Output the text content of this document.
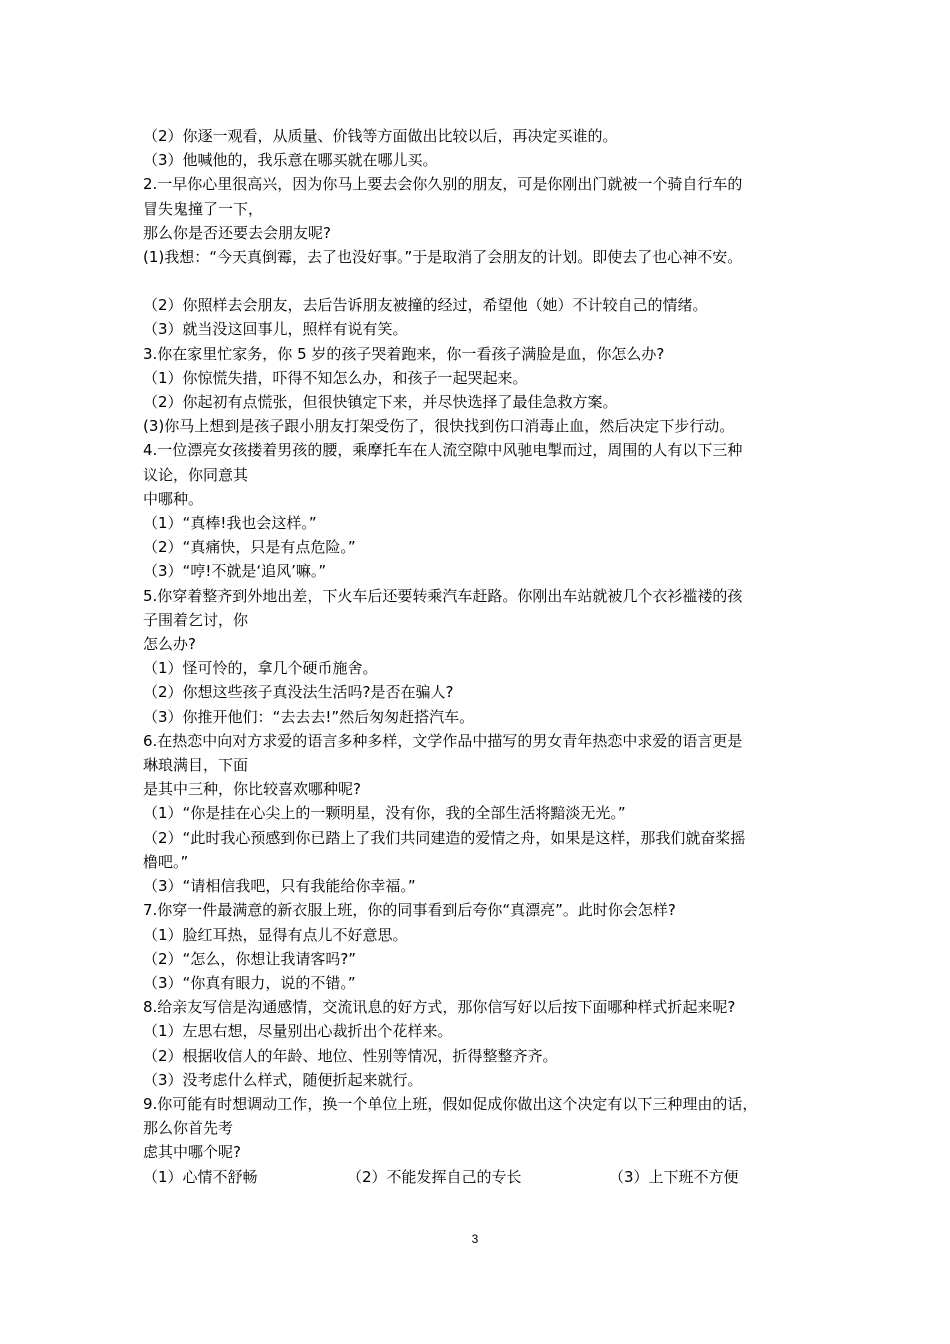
（2）你逐一观看，从质量、价钱等方面做出比较以后，再决定买谁的。

（3）他喊他的，我乐意在哪买就在哪儿买。

2.一早你心里很高兴，因为你马上要去会你久别的朋友，可是你刚出门就被一个骑自行车的

冒失鬼撞了一下，

那么你是否还要去会朋友呢?

(1)我想：“今天真倒霉，去了也没好事。”于是取消了会朋友的计划。即使去了也心神不安。

（2）你照样去会朋友，去后告诉朋友被撞的经过，希望他（她）不计较自己的情绪。

（3）就当没这回事儿，照样有说有笑。

3.你在家里忙家务，你 5 岁的孩子哭着跑来，你一看孩子满脸是血，你怎么办?

（1）你惊慌失措，吓得不知怎么办，和孩子一起哭起来。

（2）你起初有点慌张，但很快镇定下来，并尽快选择了最佳急救方案。

(3)你马上想到是孩子跟小朋友打架受伤了，很快找到伤口消毒止血，然后决定下步行动。

4.一位漂亮女孩搂着男孩的腰，乘摩托车在人流空隙中风驰电掣而过，周围的人有以下三种

议论，你同意其

中哪种。

（1）“真棒!我也会这样。”

（2）“真痛快，只是有点危险。”

（3）“哼!不就是‘追风’嘛。”

5.你穿着整齐到外地出差，下火车后还要转乘汽车赶路。你刚出车站就被几个衣衫褴褛的孩

子围着乞讨，你

怎么办?

（1）怪可怜的，拿几个硬币施舍。

（2）你想这些孩子真没法生活吗?是否在骗人?

（3）你推开他们：“去去去!”然后匆匆赶搭汽车。

6.在热恋中向对方求爱的语言多种多样，文学作品中描写的男女青年热恋中求爱的语言更是

琳琅满目，下面

是其中三种，你比较喜欢哪种呢?

（1）“你是挂在心尖上的一颗明星，没有你，我的全部生活将黯淡无光。”

（2）“此时我心预感到你已踏上了我们共同建造的爱情之舟，如果是这样，那我们就奋桨摇

橹吧。”

（3）“请相信我吧，只有我能给你幸福。”

7.你穿一件最满意的新衣服上班，你的同事看到后夸你“真漂亮”。此时你会怎样?

（1）脸红耳热，显得有点儿不好意思。

（2）“怎么，你想让我请客吗?”

（3）“你真有眼力，说的不错。”

8.给亲友写信是沟通感情，交流讯息的好方式，那你信写好以后按下面哪种样式折起来呢?

（1）左思右想，尽量别出心裁折出个花样来。

（2）根据收信人的年龄、地位、性别等情况，折得整整齐齐。

（3）没考虑什么样式，随便折起来就行。

9.你可能有时想调动工作，换一个单位上班，假如促成你做出这个决定有以下三种理由的话，

那么你首先考

虑其中哪个呢?

（1）心情不舒畅	（2）不能发挥自己的专长	（3）上下班不方便
3
